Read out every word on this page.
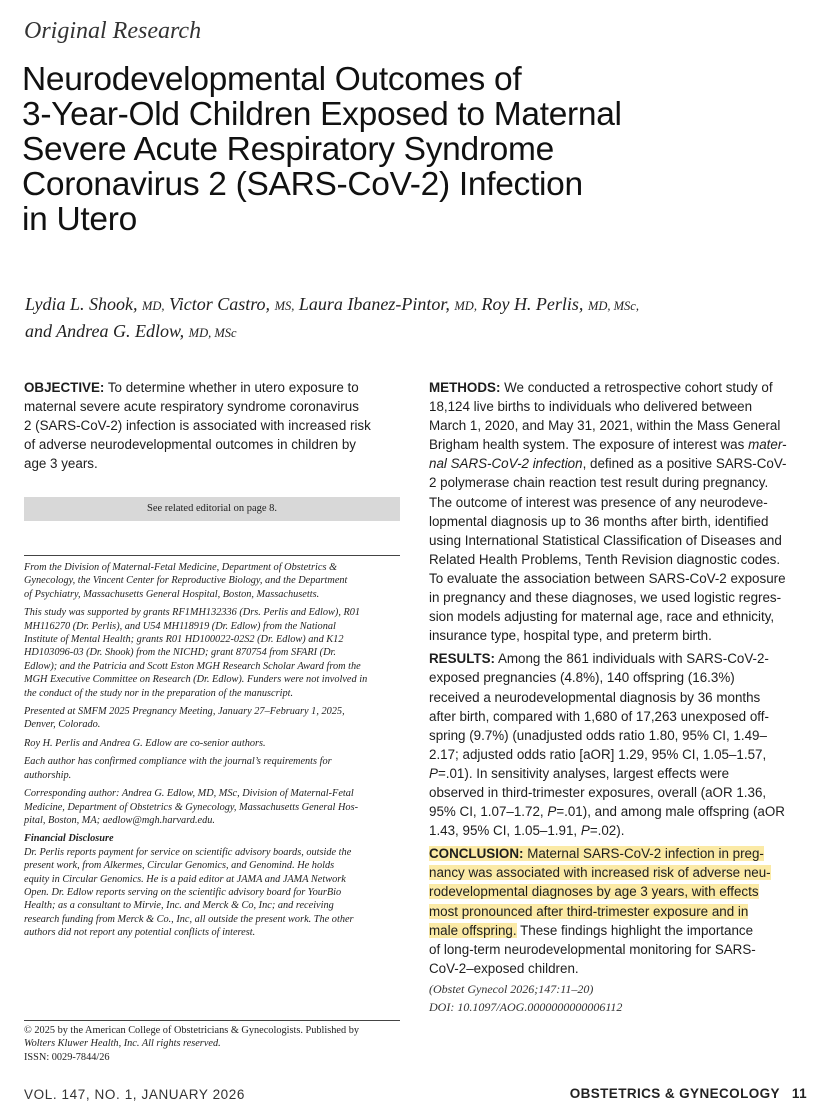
Original Research
Neurodevelopmental Outcomes of
3-Year-Old Children Exposed to Maternal
Severe Acute Respiratory Syndrome
Coronavirus 2 (SARS-CoV-2) Infection
in Utero
Lydia L. Shook, MD, Victor Castro, MS, Laura Ibanez-Pintor, MD, Roy H. Perlis, MD, MSc,
and Andrea G. Edlow, MD, MSc
OBJECTIVE: To determine whether in utero exposure to
maternal severe acute respiratory syndrome coronavirus
2 (SARS-CoV-2) infection is associated with increased risk
of adverse neurodevelopmental outcomes in children by
age 3 years.
See related editorial on page 8.
From the Division of Maternal-Fetal Medicine, Department of Obstetrics &
Gynecology, the Vincent Center for Reproductive Biology, and the Department
of Psychiatry, Massachusetts General Hospital, Boston, Massachusetts.
This study was supported by grants RF1MH132336 (Drs. Perlis and Edlow), R01
MH116270 (Dr. Perlis), and U54 MH118919 (Dr. Edlow) from the National
Institute of Mental Health; grants R01 HD100022-02S2 (Dr. Edlow) and K12
HD103096-03 (Dr. Shook) from the NICHD; grant 870754 from SFARI (Dr.
Edlow); and the Patricia and Scott Eston MGH Research Scholar Award from the
MGH Executive Committee on Research (Dr. Edlow). Funders were not involved in
the conduct of the study nor in the preparation of the manuscript.
Presented at SMFM 2025 Pregnancy Meeting, January 27–February 1, 2025,
Denver, Colorado.
Roy H. Perlis and Andrea G. Edlow are co-senior authors.
Each author has confirmed compliance with the journal’s requirements for
authorship.
Corresponding author: Andrea G. Edlow, MD, MSc, Division of Maternal-Fetal
Medicine, Department of Obstetrics & Gynecology, Massachusetts General Hos-
pital, Boston, MA; aedlow@mgh.harvard.edu.
Financial Disclosure
Dr. Perlis reports payment for service on scientific advisory boards, outside the
present work, from Alkermes, Circular Genomics, and Genomind. He holds
equity in Circular Genomics. He is a paid editor at JAMA and JAMA Network
Open. Dr. Edlow reports serving on the scientific advisory board for YourBio
Health; as a consultant to Mirvie, Inc. and Merck & Co, Inc; and receiving
research funding from Merck & Co., Inc, all outside the present work. The other
authors did not report any potential conflicts of interest.
© 2025 by the American College of Obstetricians & Gynecologists. Published by
Wolters Kluwer Health, Inc. All rights reserved.
ISSN: 0029-7844/26
METHODS: We conducted a retrospective cohort study of
18,124 live births to individuals who delivered between
March 1, 2020, and May 31, 2021, within the Mass General
Brigham health system. The exposure of interest was mater-
nal SARS-CoV-2 infection, defined as a positive SARS-CoV-
2 polymerase chain reaction test result during pregnancy.
The outcome of interest was presence of any neurodeve-
lopmental diagnosis up to 36 months after birth, identified
using International Statistical Classification of Diseases and
Related Health Problems, Tenth Revision diagnostic codes.
To evaluate the association between SARS-CoV-2 exposure
in pregnancy and these diagnoses, we used logistic regres-
sion models adjusting for maternal age, race and ethnicity,
insurance type, hospital type, and preterm birth.
RESULTS: Among the 861 individuals with SARS-CoV-2-
exposed pregnancies (4.8%), 140 offspring (16.3%)
received a neurodevelopmental diagnosis by 36 months
after birth, compared with 1,680 of 17,263 unexposed off-
spring (9.7%) (unadjusted odds ratio 1.80, 95% CI, 1.49–
2.17; adjusted odds ratio [aOR] 1.29, 95% CI, 1.05–1.57,
P=.01). In sensitivity analyses, largest effects were
observed in third-trimester exposures, overall (aOR 1.36,
95% CI, 1.07–1.72, P=.01), and among male offspring (aOR
1.43, 95% CI, 1.05–1.91, P=.02).
CONCLUSION: Maternal SARS-CoV-2 infection in preg-
nancy was associated with increased risk of adverse neu-
rodevelopmental diagnoses by age 3 years, with effects
most pronounced after third-trimester exposure and in
male offspring. These findings highlight the importance
of long-term neurodevelopmental monitoring for SARS-
CoV-2–exposed children.
(Obstet Gynecol 2026;147:11–20)
DOI: 10.1097/AOG.0000000000006112
VOL. 147, NO. 1, JANUARY 2026	OBSTETRICS & GYNECOLOGY 11
